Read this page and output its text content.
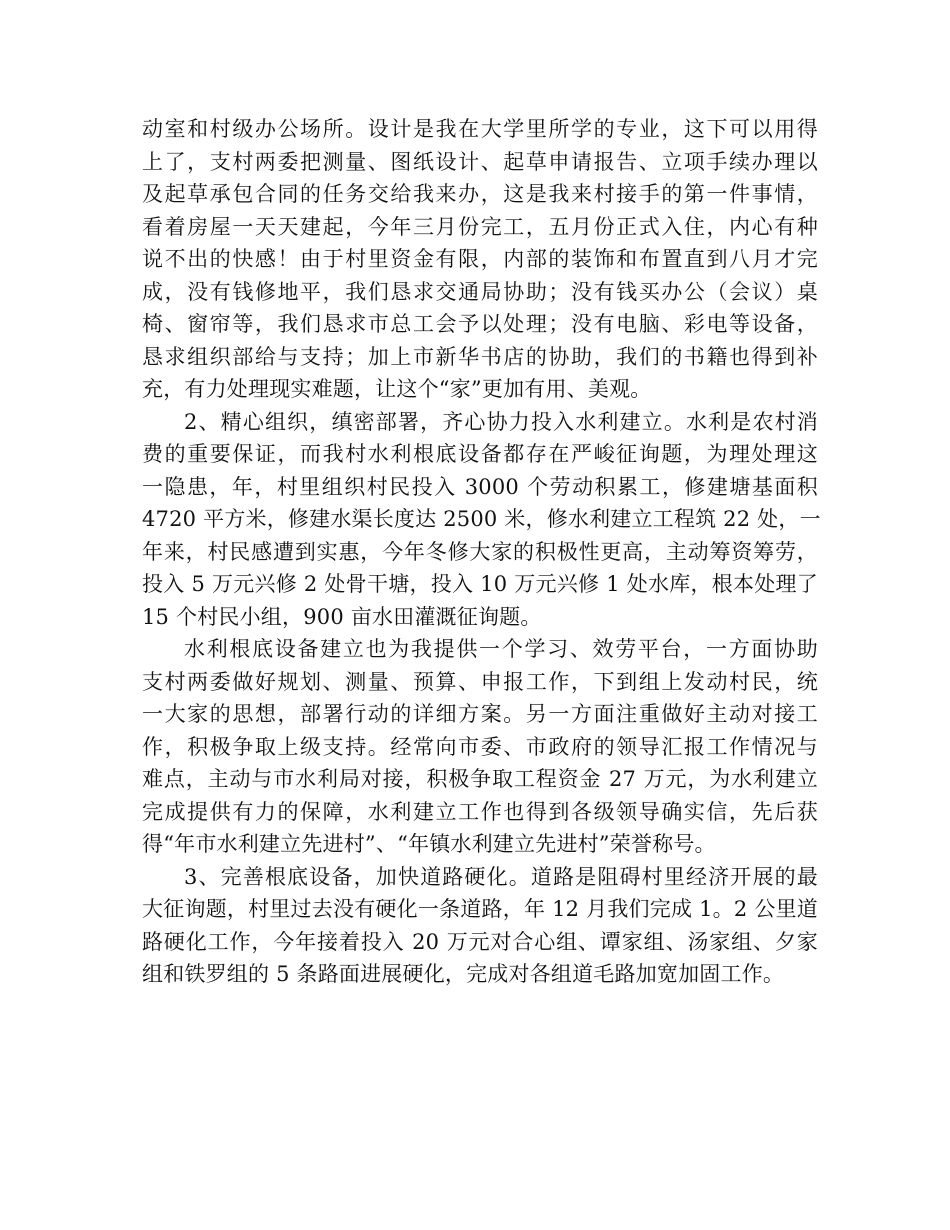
动室和村级办公场所。设计是我在大学里所学的专业，这下可以用得
上了，支村两委把测量、图纸设计、起草申请报告、立项手续办理以
及起草承包合同的任务交给我来办，这是我来村接手的第一件事情，
看着房屋一天天建起，今年三月份完工，五月份正式入住，内心有种
说不出的快感！由于村里资金有限，内部的装饰和布置直到八月才完
成，没有钱修地平，我们恳求交通局协助；没有钱买办公（会议）桌
椅、窗帘等，我们恳求市总工会予以处理；没有电脑、彩电等设备，
恳求组织部给与支持；加上市新华书店的协助，我们的书籍也得到补
充，有力处理现实难题，让这个“家”更加有用、美观。

2、精心组织，缜密部署，齐心协力投入水利建立。水利是农村消
费的重要保证，而我村水利根底设备都存在严峻征询题，为理处理这
一隐患，年，村里组织村民投入 3000 个劳动积累工，修建塘基面积
4720 平方米，修建水渠长度达 2500 米，修水利建立工程筑 22 处，一
年来，村民感遭到实惠，今年冬修大家的积极性更高，主动筹资筹劳，
投入 5 万元兴修 2 处骨干塘，投入 10 万元兴修 1 处水库，根本处理了
15 个村民小组，900 亩水田灌溉征询题。

水利根底设备建立也为我提供一个学习、效劳平台，一方面协助
支村两委做好规划、测量、预算、申报工作，下到组上发动村民，统
一大家的思想，部署行动的详细方案。另一方面注重做好主动对接工
作，积极争取上级支持。经常向市委、市政府的领导汇报工作情况与
难点，主动与市水利局对接，积极争取工程资金 27 万元，为水利建立
完成提供有力的保障，水利建立工作也得到各级领导确实信，先后获
得“年市水利建立先进村”、“年镇水利建立先进村”荣誉称号。

3、完善根底设备，加快道路硬化。道路是阻碍村里经济开展的最
大征询题，村里过去没有硬化一条道路，年 12 月我们完成 1。2 公里道
路硬化工作，今年接着投入 20 万元对合心组、谭家组、汤家组、夕家
组和铁罗组的 5 条路面进展硬化，完成对各组道毛路加宽加固工作。
